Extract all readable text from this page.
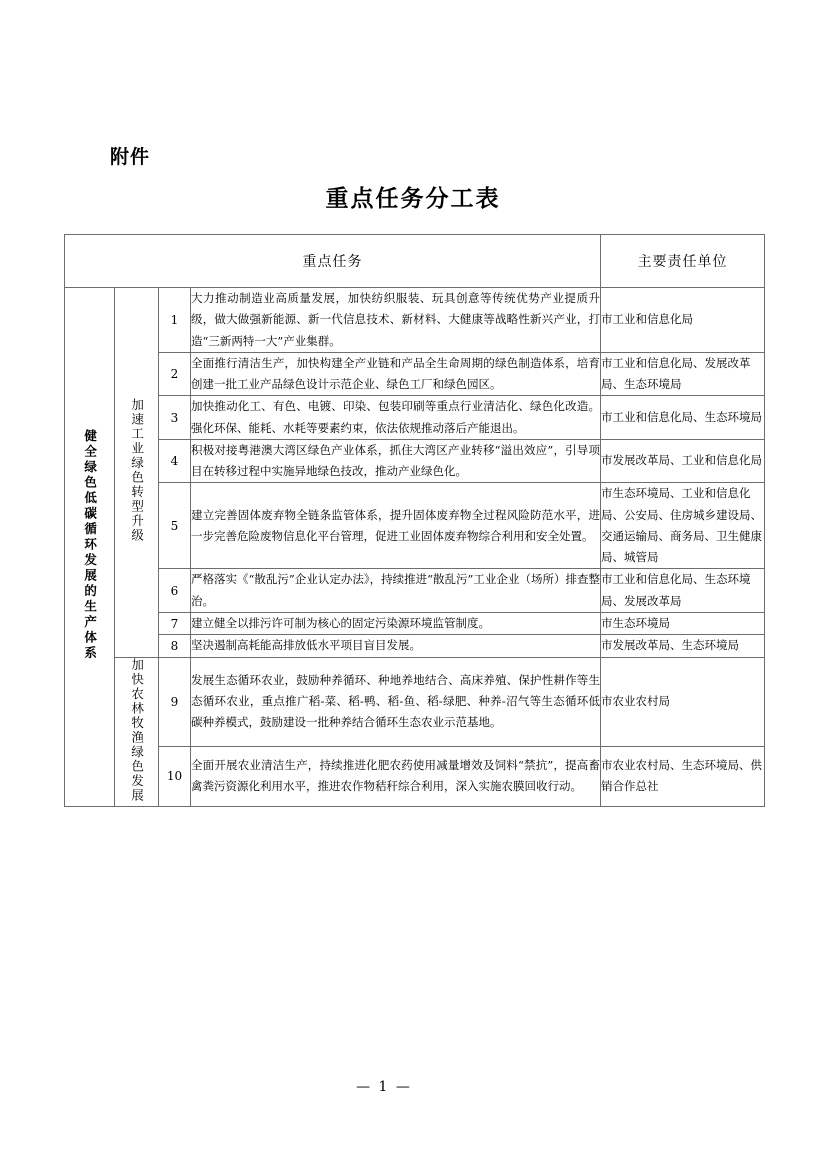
附件
重点任务分工表
重点任务				主要责任单位
健全绿色低碳循环发展的生产体系	加速工业绿色转型升级	1	大力推动制造业高质量发展，加快纺织服装、玩具创意等传统优势产业提质升级，做大做强新能源、新一代信息技术、新材料、大健康等战略性新兴产业，打造“三新两特一大”产业集群。	市工业和信息化局
		2	全面推行清洁生产，加快构建全产业链和产品全生命周期的绿色制造体系，培育创建一批工业产品绿色设计示范企业、绿色工厂和绿色园区。	市工业和信息化局、发展改革局、生态环境局
		3	加快推动化工、有色、电镀、印染、包装印刷等重点行业清洁化、绿色化改造。强化环保、能耗、水耗等要素约束，依法依规推动落后产能退出。	市工业和信息化局、生态环境局
		4	积极对接粤港澳大湾区绿色产业体系，抓住大湾区产业转移“溢出效应”，引导项目在转移过程中实施异地绿色技改，推动产业绿色化。	市发展改革局、工业和信息化局
		5	建立完善固体废弃物全链条监管体系，提升固体废弃物全过程风险防范水平，进一步完善危险废物信息化平台管理，促进工业固体废弃物综合利用和安全处置。	市生态环境局、工业和信息化局、公安局、住房城乡建设局、交通运输局、商务局、卫生健康局、城管局
		6	严格落实《“散乱污”企业认定办法》，持续推进“散乱污”工业企业（场所）排查整治。	市工业和信息化局、生态环境局、发展改革局
		7	建立健全以排污许可制为核心的固定污染源环境监管制度。	市生态环境局
		8	坚决遏制高耗能高排放低水平项目盲目发展。	市发展改革局、生态环境局
	加快农林牧渔绿色发展	9	发展生态循环农业，鼓励种养循环、种地养地结合、高床养殖、保护性耕作等生态循环农业，重点推广稻-菜、稻-鸭、稻-鱼、稻-绿肥、种养-沼气等生态循环低碳种养模式，鼓励建设一批种养结合循环生态农业示范基地。	市农业农村局
		10	全面开展农业清洁生产，持续推进化肥农药使用减量增效及饲料“禁抗”，提高畜禽粪污资源化利用水平，推进农作物秸秆综合利用，深入实施农膜回收行动。	市农业农村局、生态环境局、供销合作总社
— 1 —
